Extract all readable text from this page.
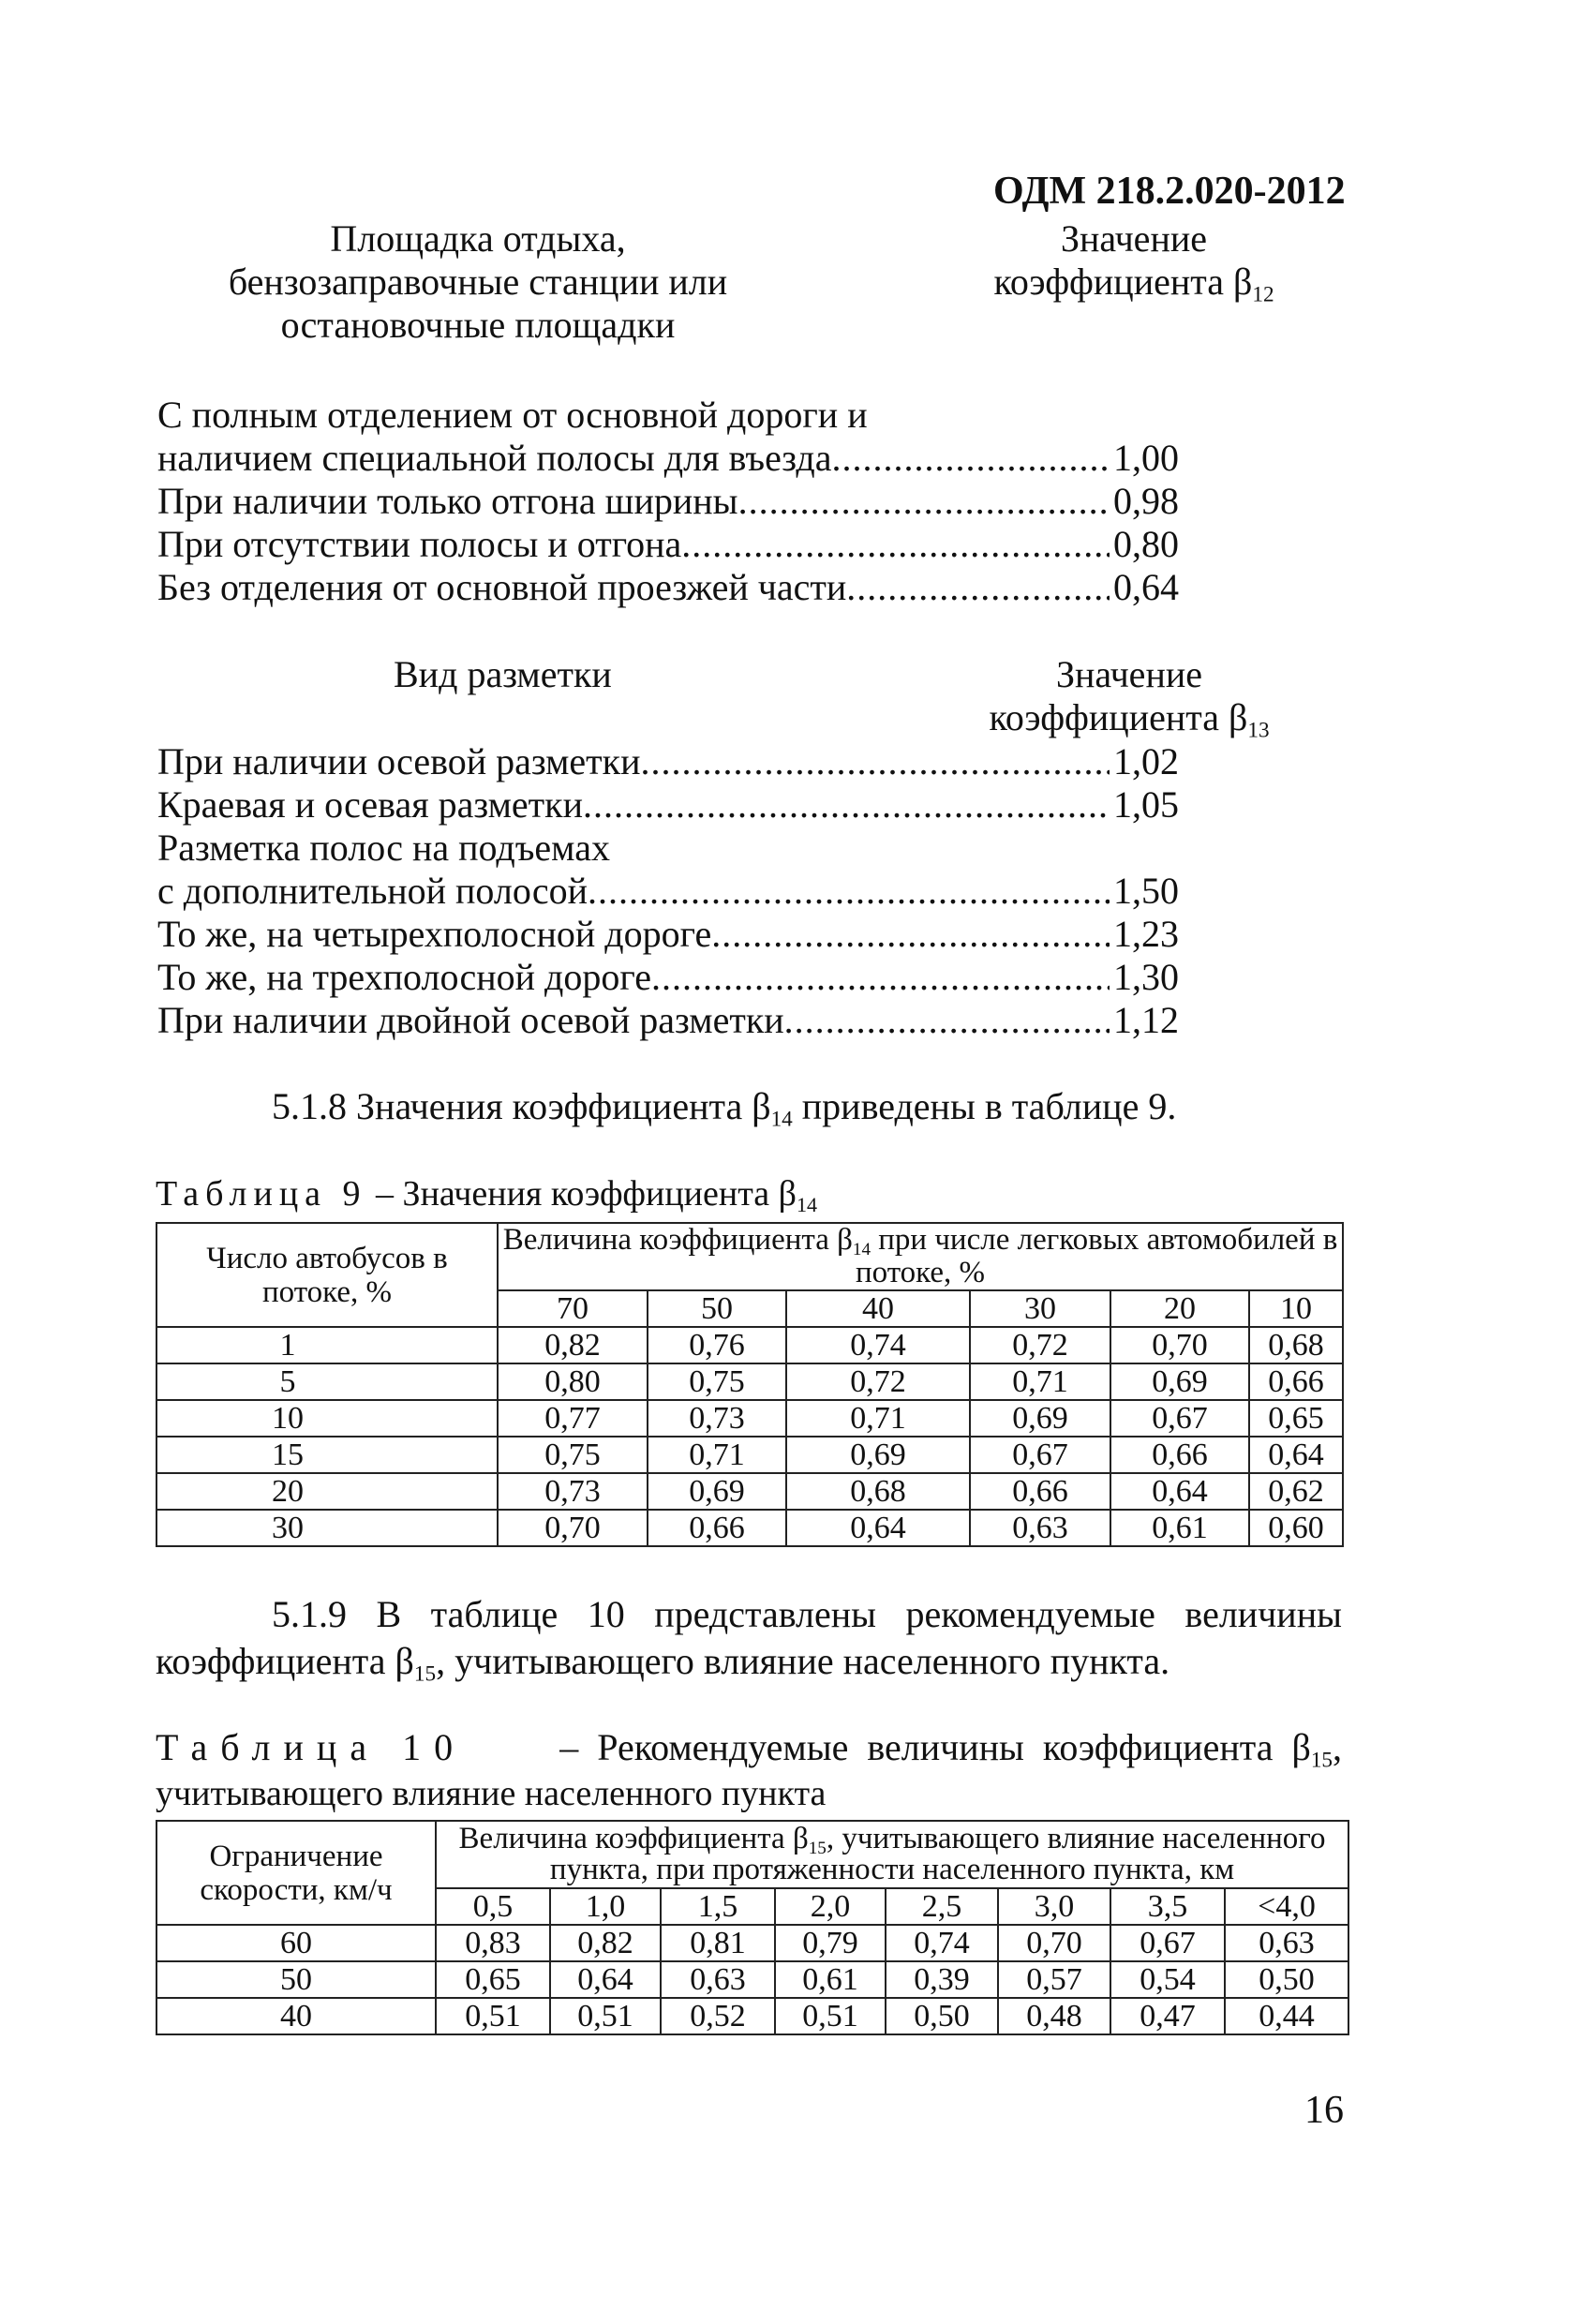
ОДМ 218.2.020-2012
Площадка отдыха,
бензозаправочные станции или
остановочные площадки
Значение
коэффициента $\beta_{12}$
С полным отделением от основной дороги и
наличием специальной полосы для въезда .....	1,00
При наличии только отгона ширины .....	0,98
При отсутствии полосы и отгона .....	0,80
Без отделения от основной проезжей части .....	0,64
Вид разметки	Значение
коэффициента $\beta_{13}$
При наличии осевой разметки .....	1,02
Краевая и осевая разметки .....	1,05
Разметка полос на подъемах
с дополнительной полосой .....	1,50
То же, на четырехполосной дороге .....	1,23
То же, на трехполосной дороге .....	1,30
При наличии двойной осевой разметки .....	1,12
5.1.8 Значения коэффициента $\beta_{14}$ приведены в таблице 9.
Таблица 9 – Значения коэффициента $\beta_{14}$
Число автобусов в потоке, %	Величина коэффициента $\beta_{14}$ при числе легковых автомобилей в потоке, %					
	70	50	40	30	20	10
1	0,82	0,76	0,74	0,72	0,70	0,68
5	0,80	0,75	0,72	0,71	0,69	0,66
10	0,77	0,73	0,71	0,69	0,67	0,65
15	0,75	0,71	0,69	0,67	0,66	0,64
20	0,73	0,69	0,68	0,66	0,64	0,62
30	0,70	0,66	0,64	0,63	0,61	0,60
5.1.9 В таблице 10 представлены рекомендуемые величины
коэффициента $\beta_{15}$, учитывающего влияние населенного пункта.
Таблица 10	– Рекомендуемые величины коэффициента $\beta_{15}$,
учитывающего влияние населенного пункта
Ограничение скорости, км/ч	Величина коэффициента $\beta_{15}$, учитывающего влияние населенного пункта, при протяженности населенного пункта, км							
	0,5	1,0	1,5	2,0	2,5	3,0	3,5	<4,0
60	0,83	0,82	0,81	0,79	0,74	0,70	0,67	0,63
50	0,65	0,64	0,63	0,61	0,39	0,57	0,54	0,50
40	0,51	0,51	0,52	0,51	0,50	0,48	0,47	0,44
16
